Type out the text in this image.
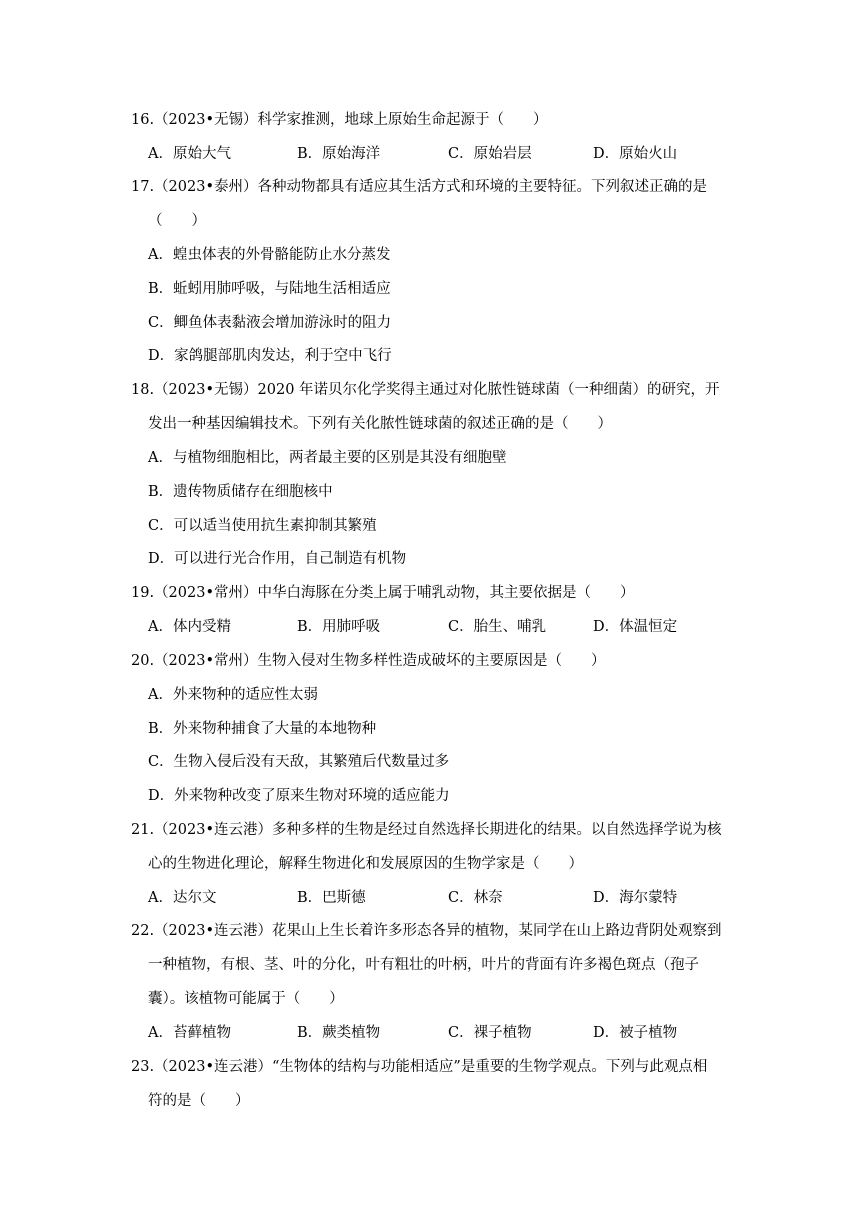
16.（2023•无锡）科学家推测，地球上原始生命起源于（　　）
A．原始大气	B．原始海洋	C．原始岩层	D．原始火山
17.（2023•泰州）各种动物都具有适应其生活方式和环境的主要特征。下列叙述正确的是
（　　）
A．蝗虫体表的外骨骼能防止水分蒸发
B．蚯蚓用肺呼吸，与陆地生活相适应
C．鲫鱼体表黏液会增加游泳时的阻力
D．家鸽腿部肌肉发达，利于空中飞行
18.（2023•无锡）2020 年诺贝尔化学奖得主通过对化脓性链球菌（一种细菌）的研究，开
发出一种基因编辑技术。下列有关化脓性链球菌的叙述正确的是（　　）
A．与植物细胞相比，两者最主要的区别是其没有细胞壁
B．遗传物质储存在细胞核中
C．可以适当使用抗生素抑制其繁殖
D．可以进行光合作用，自己制造有机物
19.（2023•常州）中华白海豚在分类上属于哺乳动物，其主要依据是（　　）
A．体内受精	B．用肺呼吸	C．胎生、哺乳	D．体温恒定
20.（2023•常州）生物入侵对生物多样性造成破坏的主要原因是（　　）
A．外来物种的适应性太弱
B．外来物种捕食了大量的本地物种
C．生物入侵后没有天敌，其繁殖后代数量过多
D．外来物种改变了原来生物对环境的适应能力
21.（2023•连云港）多种多样的生物是经过自然选择长期进化的结果。以自然选择学说为核
心的生物进化理论，解释生物进化和发展原因的生物学家是（　　）
A．达尔文	B．巴斯德	C．林奈	D．海尔蒙特
22.（2023•连云港）花果山上生长着许多形态各异的植物，某同学在山上路边背阴处观察到
一种植物，有根、茎、叶的分化，叶有粗壮的叶柄，叶片的背面有许多褐色斑点（孢子
囊）。该植物可能属于（　　）
A．苔藓植物	B．蕨类植物	C．裸子植物	D．被子植物
23.（2023•连云港）“生物体的结构与功能相适应”是重要的生物学观点。下列与此观点相
符的是（　　）
